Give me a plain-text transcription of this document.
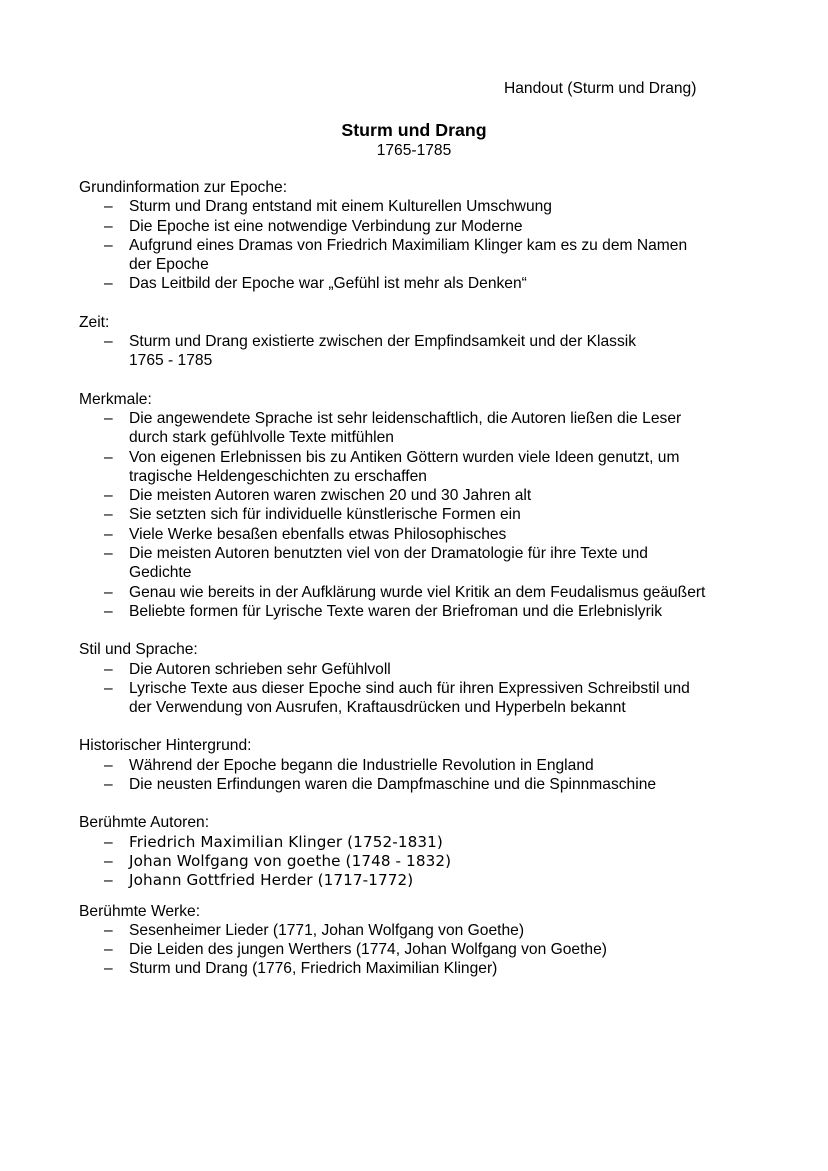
Handout (Sturm und Drang)
Sturm und Drang
1765-1785
Grundinformation zur Epoche:
– Sturm und Drang entstand mit einem Kulturellen Umschwung
– Die Epoche ist eine notwendige Verbindung zur Moderne
– Aufgrund eines Dramas von Friedrich Maximiliam Klinger kam es zu dem Namen
der Epoche
– Das Leitbild der Epoche war „Gefühl ist mehr als Denken“
Zeit:
– Sturm und Drang existierte zwischen der Empfindsamkeit und der Klassik
1765 - 1785
Merkmale:
– Die angewendete Sprache ist sehr leidenschaftlich, die Autoren ließen die Leser
durch stark gefühlvolle Texte mitfühlen
– Von eigenen Erlebnissen bis zu Antiken Göttern wurden viele Ideen genutzt, um
tragische Heldengeschichten zu erschaffen
– Die meisten Autoren waren zwischen 20 und 30 Jahren alt
– Sie setzten sich für individuelle künstlerische Formen ein
– Viele Werke besaßen ebenfalls etwas Philosophisches
– Die meisten Autoren benutzten viel von der Dramatologie für ihre Texte und
Gedichte
– Genau wie bereits in der Aufklärung wurde viel Kritik an dem Feudalismus geäußert
– Beliebte formen für Lyrische Texte waren der Briefroman und die Erlebnislyrik
Stil und Sprache:
– Die Autoren schrieben sehr Gefühlvoll
– Lyrische Texte aus dieser Epoche sind auch für ihren Expressiven Schreibstil und
der Verwendung von Ausrufen, Kraftausdrücken und Hyperbeln bekannt
Historischer Hintergrund:
– Während der Epoche begann die Industrielle Revolution in England
– Die neusten Erfindungen waren die Dampfmaschine und die Spinnmaschine
Berühmte Autoren:
– Friedrich Maximilian Klinger (1752-1831)
– Johan Wolfgang von goethe (1748 - 1832)
– Johann Gottfried Herder (1717-1772)
Berühmte Werke:
– Sesenheimer Lieder (1771, Johan Wolfgang von Goethe)
– Die Leiden des jungen Werthers (1774, Johan Wolfgang von Goethe)
– Sturm und Drang (1776, Friedrich Maximilian Klinger)
